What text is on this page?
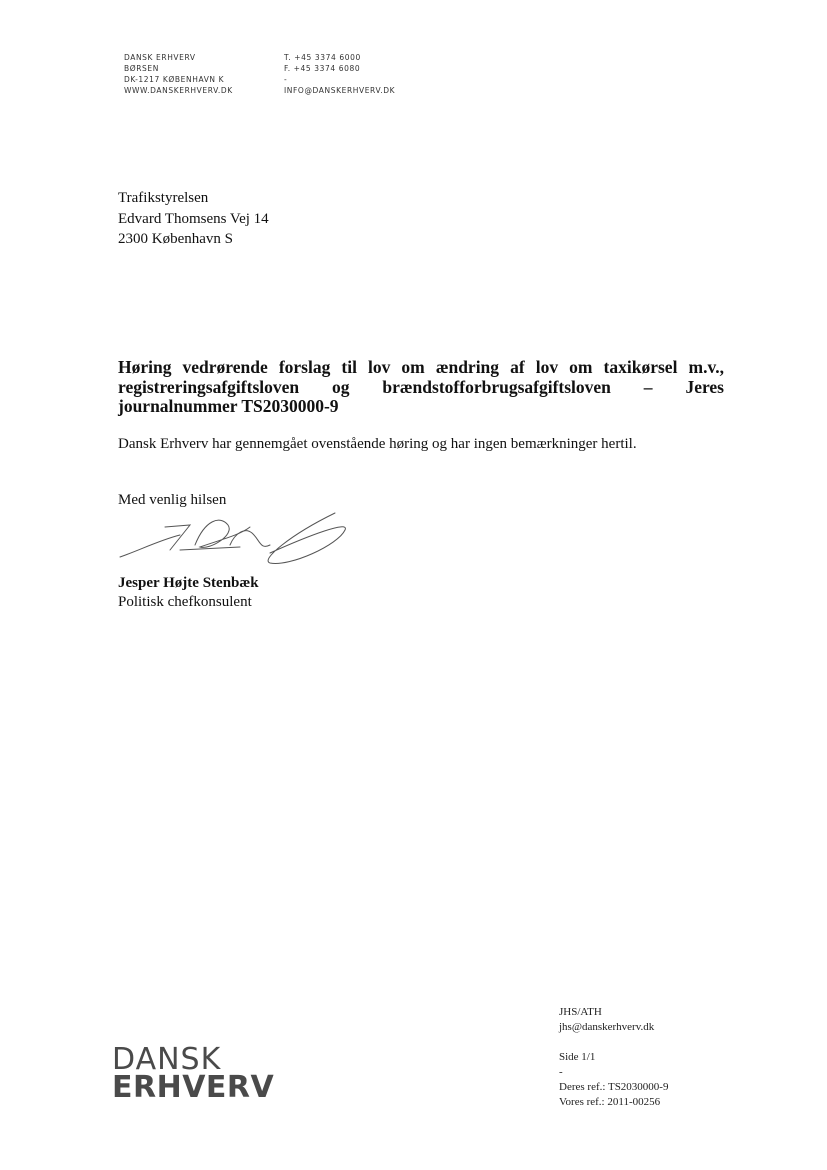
DANSK ERHVERV
BØRSEN
DK-1217 KØBENHAVN K
WWW.DANSKERHVERV.DK
T. +45 3374 6000
F. +45 3374 6080
-
INFO@DANSKERHVERV.DK
Trafikstyrelsen
Edvard Thomsens Vej 14
2300 København S
Høring vedrørende forslag til lov om ændring af lov om taxikørsel m.v., registreringsafgiftsloven og brændstofforbrugsafgiftsloven – Jeres journalnummer TS2030000-9
Dansk Erhverv har gennemgået ovenstående høring og har ingen bemærkninger hertil.
Med venlig hilsen
Jesper Højte Stenbæk
Politisk chefkonsulent
JHS/ATH
jhs@danskerhverv.dk

Side 1/1
-
Deres ref.: TS2030000-9
Vores ref.: 2011-00256
DANSK
ERHVERV
